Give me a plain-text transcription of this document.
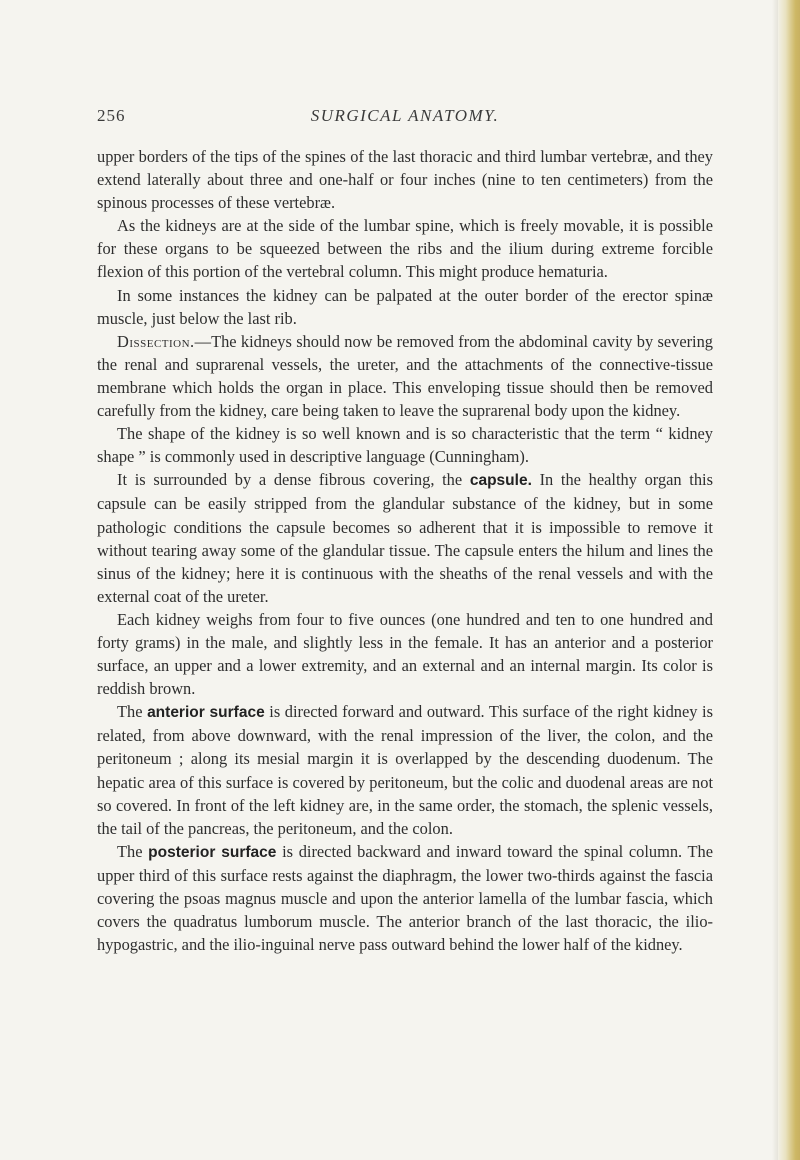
256	SURGICAL ANATOMY.

upper borders of the tips of the spines of the last thoracic and third lumbar vertebræ, and they extend laterally about three and one-half or four inches (nine to ten centimeters) from the spinous processes of these vertebræ.

As the kidneys are at the side of the lumbar spine, which is freely movable, it is possible for these organs to be squeezed between the ribs and the ilium during extreme forcible flexion of this portion of the vertebral column. This might produce hematuria.

In some instances the kidney can be palpated at the outer border of the erector spinæ muscle, just below the last rib.

Dissection.—The kidneys should now be removed from the abdominal cavity by severing the renal and suprarenal vessels, the ureter, and the attachments of the connective-tissue membrane which holds the organ in place. This enveloping tissue should then be removed carefully from the kidney, care being taken to leave the suprarenal body upon the kidney.

The shape of the kidney is so well known and is so characteristic that the term “ kidney shape ” is commonly used in descriptive language (Cunningham).

It is surrounded by a dense fibrous covering, the capsule. In the healthy organ this capsule can be easily stripped from the glandular substance of the kidney, but in some pathologic conditions the capsule becomes so adherent that it is impossible to remove it without tearing away some of the glandular tissue. The capsule enters the hilum and lines the sinus of the kidney; here it is continuous with the sheaths of the renal vessels and with the external coat of the ureter.

Each kidney weighs from four to five ounces (one hundred and ten to one hundred and forty grams) in the male, and slightly less in the female. It has an anterior and a posterior surface, an upper and a lower extremity, and an external and an internal margin. Its color is reddish brown.

The anterior surface is directed forward and outward. This surface of the right kidney is related, from above downward, with the renal impression of the liver, the colon, and the peritoneum ; along its mesial margin it is overlapped by the descending duodenum. The hepatic area of this surface is covered by peritoneum, but the colic and duodenal areas are not so covered. In front of the left kidney are, in the same order, the stomach, the splenic vessels, the tail of the pancreas, the peritoneum, and the colon.

The posterior surface is directed backward and inward toward the spinal column. The upper third of this surface rests against the diaphragm, the lower two-thirds against the fascia covering the psoas magnus muscle and upon the anterior lamella of the lumbar fascia, which covers the quadratus lumborum muscle. The anterior branch of the last thoracic, the ilio-hypogastric, and the ilio-inguinal nerve pass outward behind the lower half of the kidney.
